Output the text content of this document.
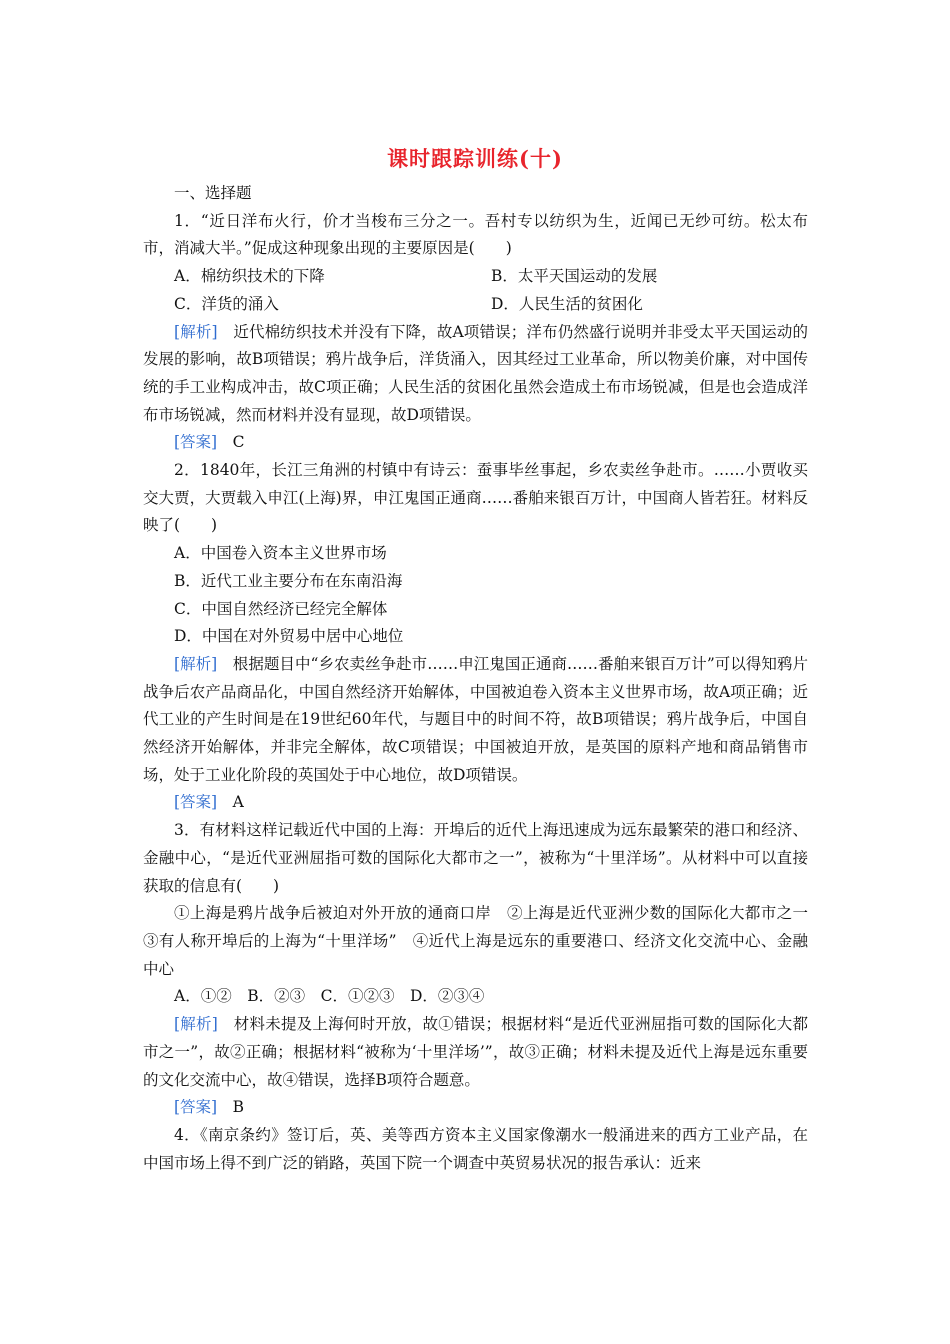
课时跟踪训练(十)

一、选择题

1．“近日洋布火行，价才当梭布三分之一。吾村专以纺织为生，近闻已无纱可纺。松太布市，消减大半。”促成这种现象出现的主要原因是(　　)

A．棉纺织技术的下降	B．太平天国运动的发展
C．洋货的涌入	D．人民生活的贫困化

[解析]　 近代棉纺织技术并没有下降，故A项错误；洋布仍然盛行说明并非受太平天国运动的发展的影响，故B项错误；鸦片战争后，洋货涌入，因其经过工业革命，所以物美价廉，对中国传统的手工业构成冲击，故C项正确；人民生活的贫困化虽然会造成土布市场锐减，但是也会造成洋布市场锐减，然而材料并没有显现，故D项错误。

[答案]　 C

2．1840年，长江三角洲的村镇中有诗云：蚕事毕丝事起，乡农卖丝争赴市。……小贾收买交大贾，大贾载入申江(上海)界，申江鬼国正通商……番舶来银百万计，中国商人皆若狂。材料反映了(　　)

A．中国卷入资本主义世界市场

B．近代工业主要分布在东南沿海

C．中国自然经济已经完全解体

D．中国在对外贸易中居中心地位

[解析]　 根据题目中“乡农卖丝争赴市……申江鬼国正通商……番舶来银百万计”可以得知鸦片战争后农产品商品化，中国自然经济开始解体，中国被迫卷入资本主义世界市场，故A项正确；近代工业的产生时间是在19世纪60年代，与题目中的时间不符，故B项错误；鸦片战争后，中国自然经济开始解体，并非完全解体，故C项错误；中国被迫开放，是英国的原料产地和商品销售市场，处于工业化阶段的英国处于中心地位，故D项错误。

[答案]　 A

3．有材料这样记载近代中国的上海：开埠后的近代上海迅速成为远东最繁荣的港口和经济、金融中心，“是近代亚洲屈指可数的国际化大都市之一”，被称为“十里洋场”。从材料中可以直接获取的信息有(　　)

①上海是鸦片战争后被迫对外开放的通商口岸　②上海是近代亚洲少数的国际化大都市之一　③有人称开埠后的上海为“十里洋场”　④近代上海是远东的重要港口、经济文化交流中心、金融中心

A．①②　B．②③　C．①②③　D．②③④

[解析]　 材料未提及上海何时开放，故①错误；根据材料“是近代亚洲屈指可数的国际化大都市之一”，故②正确；根据材料“被称为‘十里洋场’”，故③正确；材料未提及近代上海是远东重要的文化交流中心，故④错误，选择B项符合题意。

[答案]　 B

4．《南京条约》签订后，英、美等西方资本主义国家像潮水一般涌进来的西方工业产品，在中国市场上得不到广泛的销路，英国下院一个调查中英贸易状况的报告承认：近来
